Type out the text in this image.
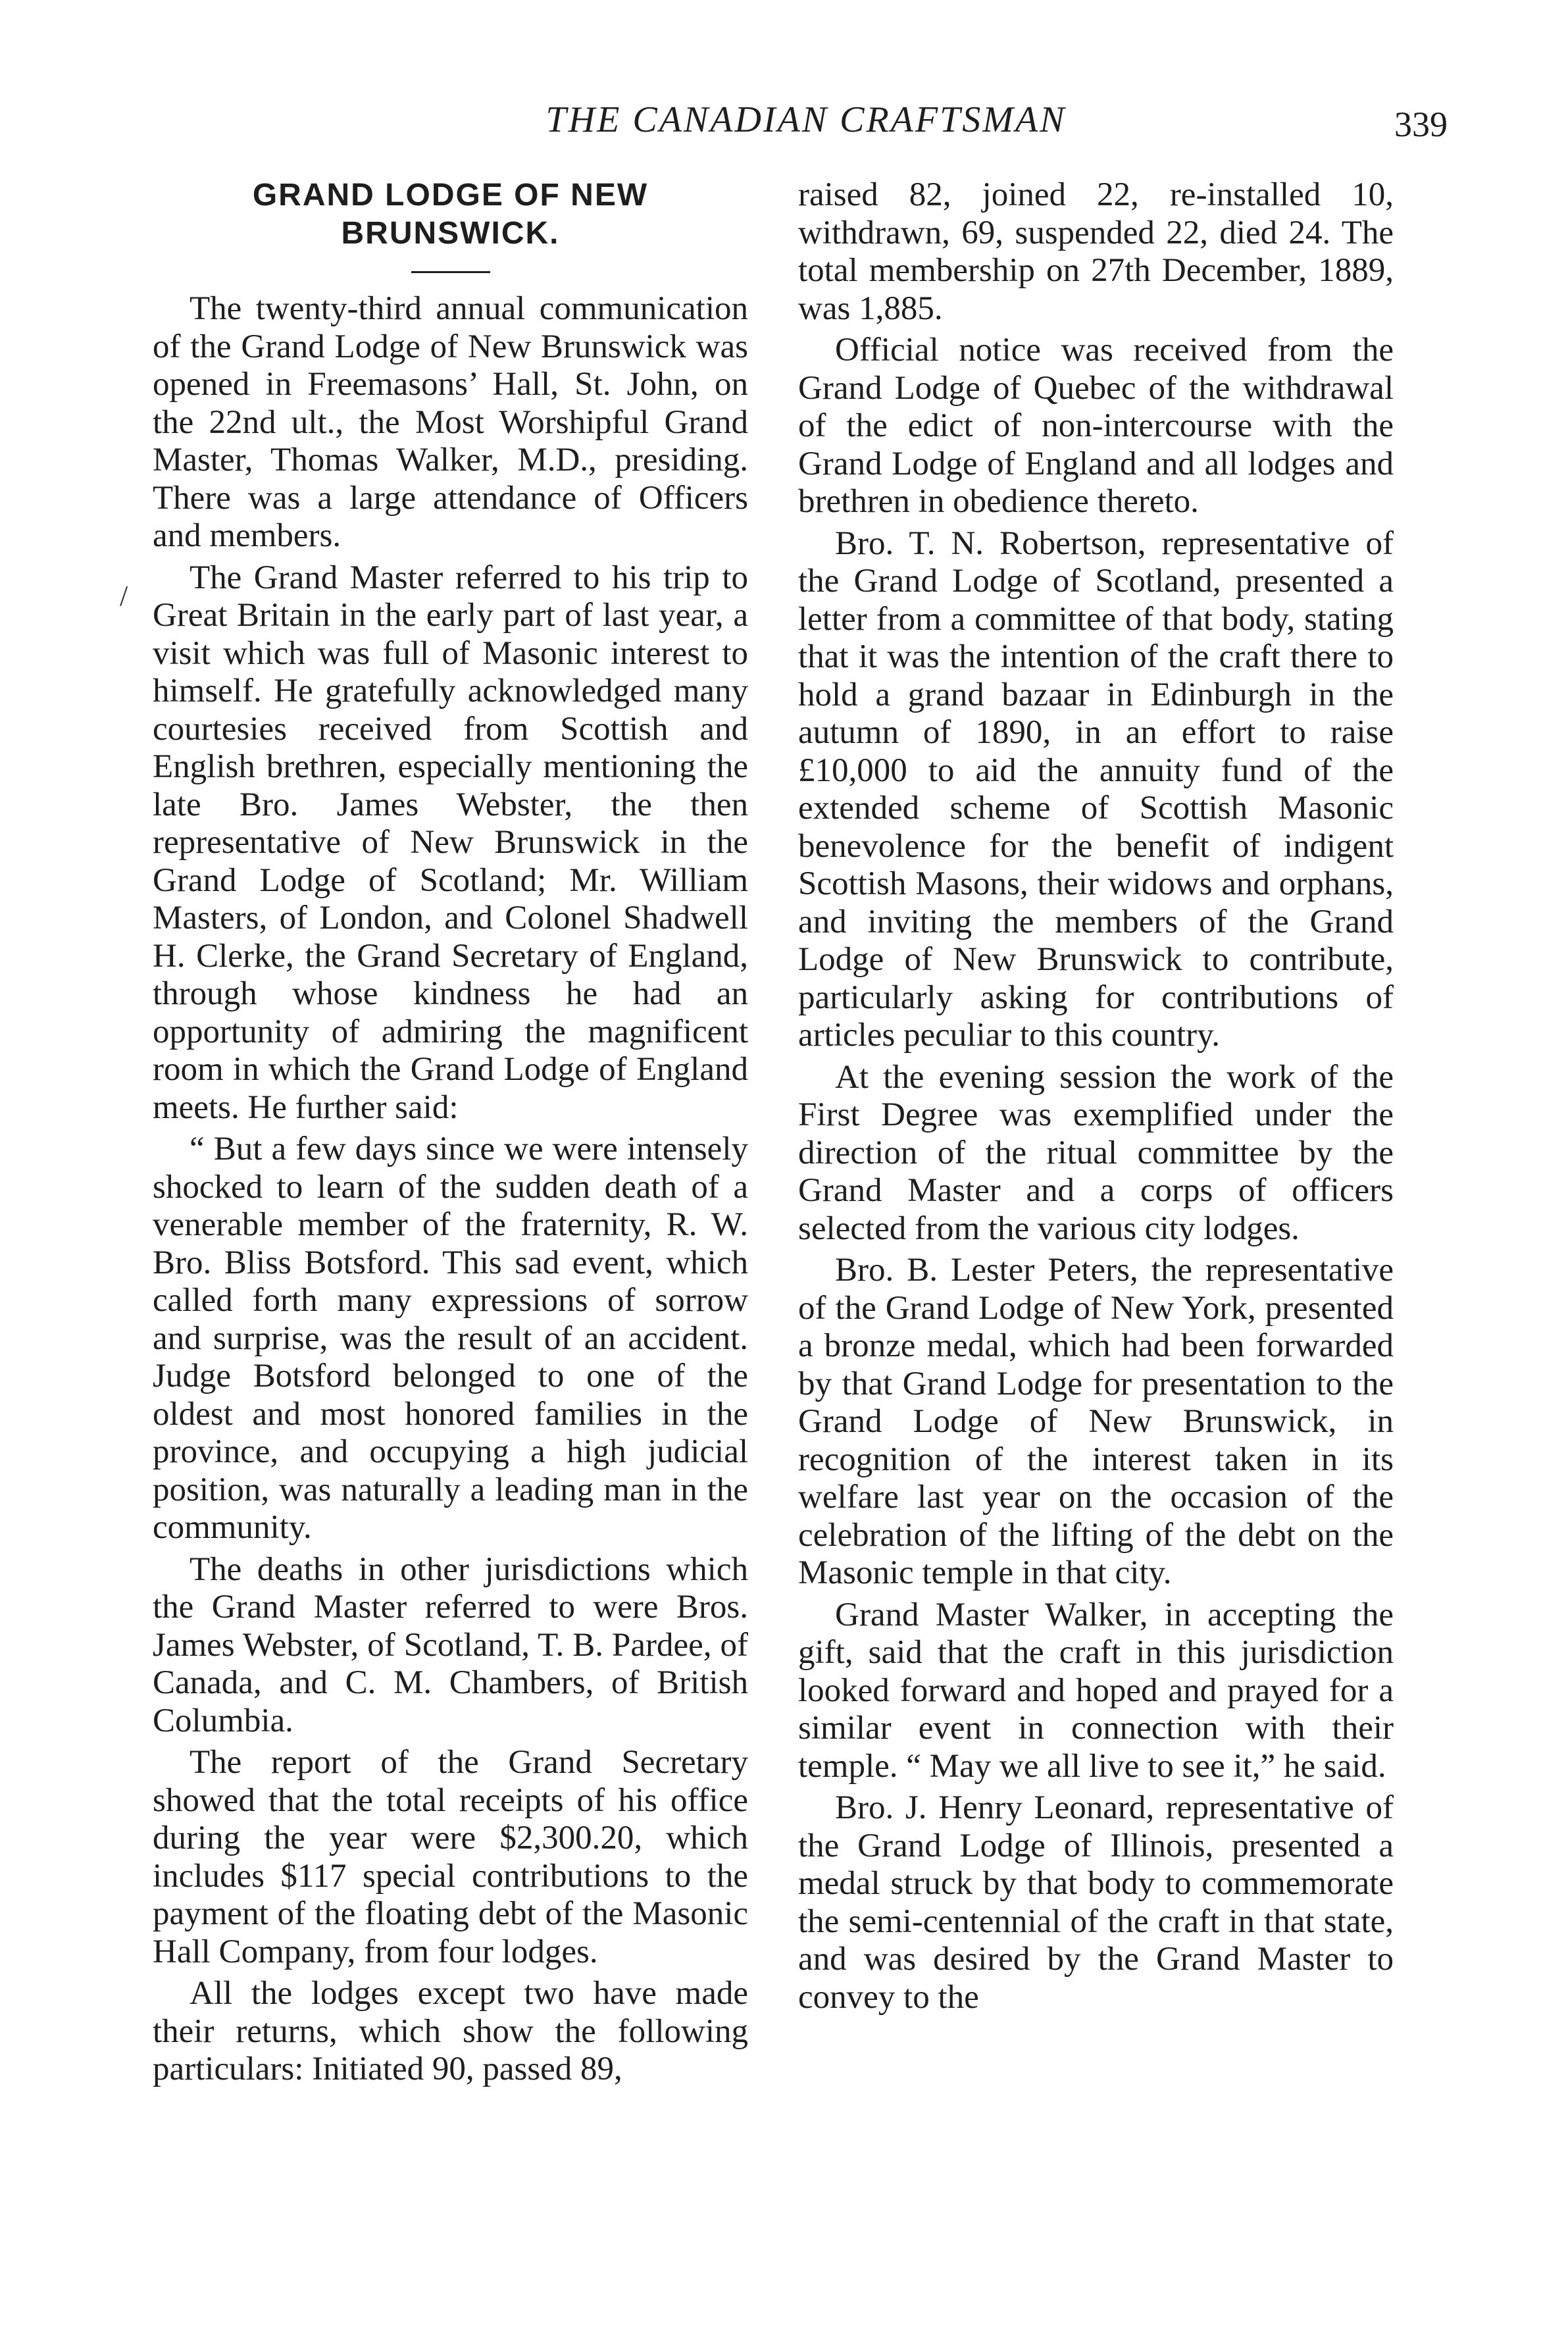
THE CANADIAN CRAFTSMAN	339
/
GRAND LODGE OF NEW BRUNSWICK.

The twenty-third annual communication of the Grand Lodge of New Brunswick was opened in Freemasons’ Hall, St. John, on the 22nd ult., the Most Worshipful Grand Master, Thomas Walker, M.D., presiding. There was a large attendance of Officers and members.

The Grand Master referred to his trip to Great Britain in the early part of last year, a visit which was full of Masonic interest to himself. He gratefully acknowledged many courtesies received from Scottish and English brethren, especially mentioning the late Bro. James Webster, the then representative of New Brunswick in the Grand Lodge of Scotland; Mr. William Masters, of London, and Colonel Shadwell H. Clerke, the Grand Secretary of England, through whose kindness he had an opportunity of admiring the magnificent room in which the Grand Lodge of England meets. He further said:

“ But a few days since we were intensely shocked to learn of the sudden death of a venerable member of the fraternity, R. W. Bro. Bliss Botsford. This sad event, which called forth many expressions of sorrow and surprise, was the result of an accident. Judge Botsford belonged to one of the oldest and most honored families in the province, and occupying a high judicial position, was naturally a leading man in the community.

The deaths in other jurisdictions which the Grand Master referred to were Bros. James Webster, of Scotland, T. B. Pardee, of Canada, and C. M. Chambers, of British Columbia.

The report of the Grand Secretary showed that the total receipts of his office during the year were $2,300.20, which includes $117 special contributions to the payment of the floating debt of the Masonic Hall Company, from four lodges.

All the lodges except two have made their returns, which show the following particulars: Initiated 90, passed 89,

raised 82, joined 22, re-installed 10, withdrawn, 69, suspended 22, died 24. The total membership on 27th December, 1889, was 1,885.

Official notice was received from the Grand Lodge of Quebec of the withdrawal of the edict of non-intercourse with the Grand Lodge of England and all lodges and brethren in obedience thereto.

Bro. T. N. Robertson, representative of the Grand Lodge of Scotland, presented a letter from a committee of that body, stating that it was the intention of the craft there to hold a grand bazaar in Edinburgh in the autumn of 1890, in an effort to raise £10,000 to aid the annuity fund of the extended scheme of Scottish Masonic benevolence for the benefit of indigent Scottish Masons, their widows and orphans, and inviting the members of the Grand Lodge of New Brunswick to contribute, particularly asking for contributions of articles peculiar to this country.

At the evening session the work of the First Degree was exemplified under the direction of the ritual committee by the Grand Master and a corps of officers selected from the various city lodges.

Bro. B. Lester Peters, the representative of the Grand Lodge of New York, presented a bronze medal, which had been forwarded by that Grand Lodge for presentation to the Grand Lodge of New Brunswick, in recognition of the interest taken in its welfare last year on the occasion of the celebration of the lifting of the debt on the Masonic temple in that city.

Grand Master Walker, in accepting the gift, said that the craft in this jurisdiction looked forward and hoped and prayed for a similar event in connection with their temple. “ May we all live to see it,” he said.

Bro. J. Henry Leonard, representative of the Grand Lodge of Illinois, presented a medal struck by that body to commemorate the semi-centennial of the craft in that state, and was desired by the Grand Master to convey to the
